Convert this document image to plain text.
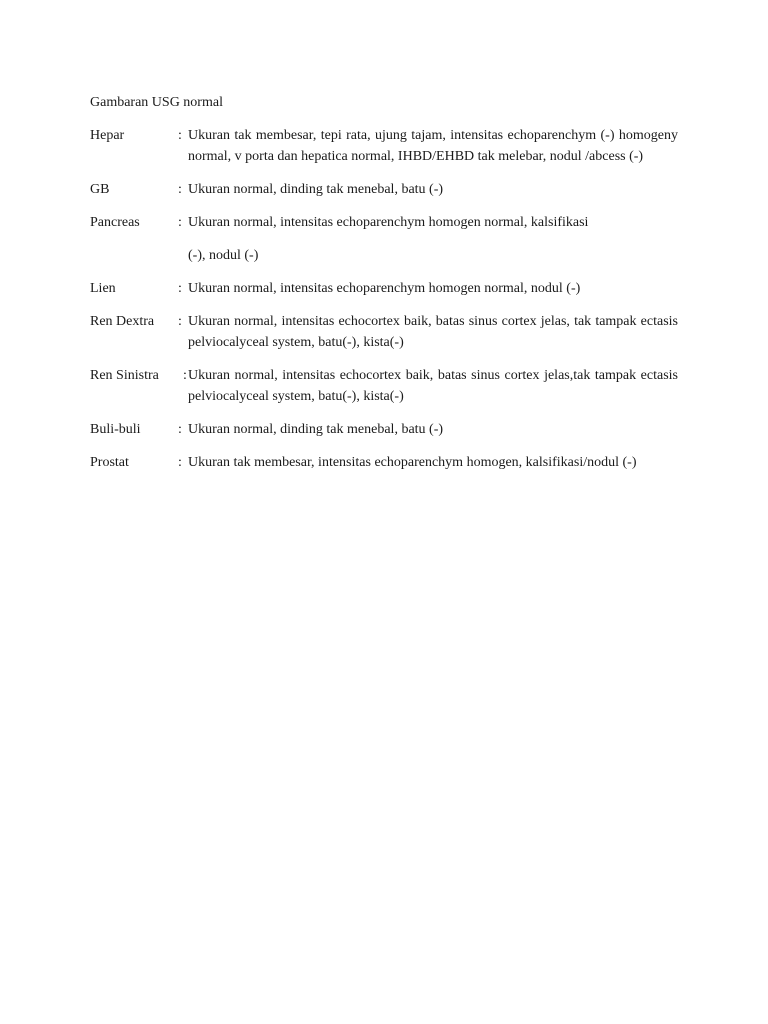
Gambaran USG normal
Hepar	: Ukuran tak membesar, tepi rata, ujung tajam, intensitas echoparenchym (-) homogeny normal, v porta dan hepatica normal, IHBD/EHBD tak melebar, nodul /abcess (-)

GB	: Ukuran normal, dinding tak menebal, batu (-)

Pancreas	: Ukuran normal, intensitas echoparenchym homogen normal, kalsifikasi

(-), nodul (-)

Lien	: Ukuran normal, intensitas echoparenchym homogen normal, nodul (-)

Ren Dextra	: Ukuran normal, intensitas echocortex baik, batas sinus cortex jelas, tak tampak ectasis pelviocalyceal system, batu(-), kista(-)

Ren Sinistra	: Ukuran normal, intensitas echocortex baik, batas sinus cortex jelas,tak tampak ectasis pelviocalyceal system, batu(-), kista(-)

Buli-buli	: Ukuran normal, dinding tak menebal, batu (-)

Prostat	: Ukuran tak membesar, intensitas echoparenchym homogen, kalsifikasi/nodul (-)
